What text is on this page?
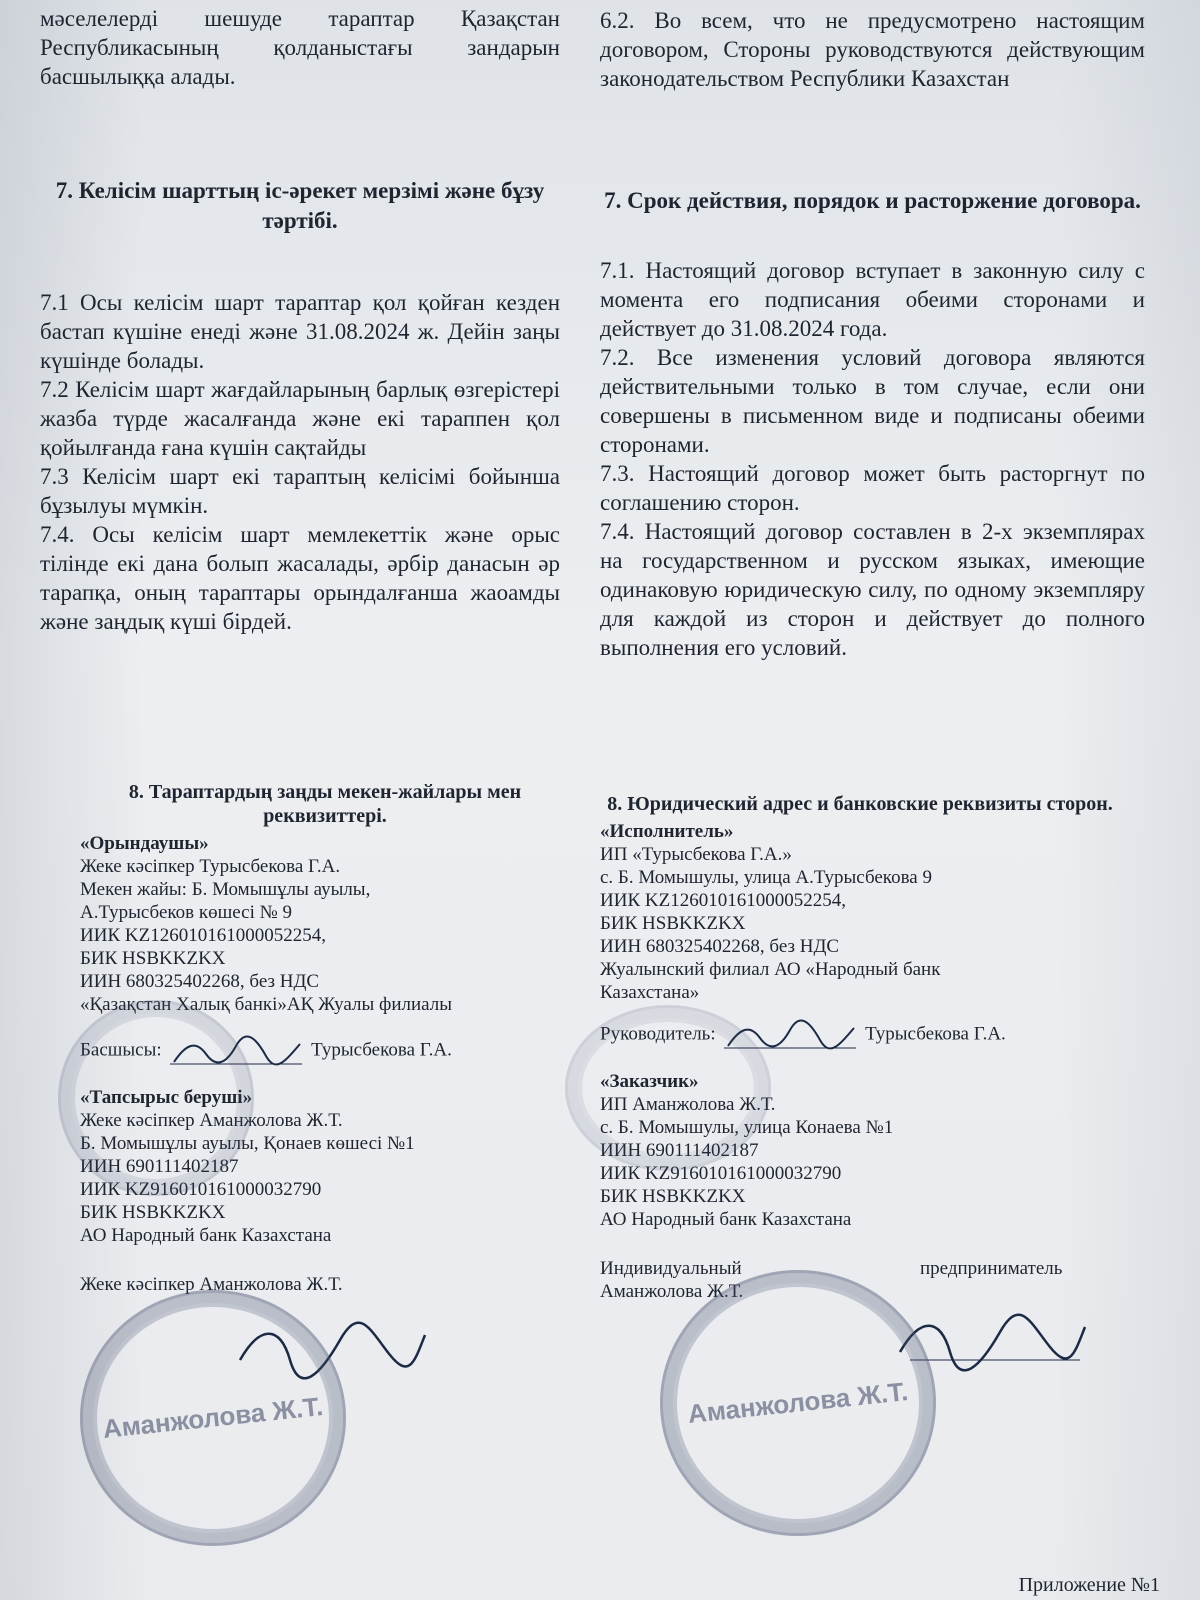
мәселелерді шешуде тараптар Қазақстан Республикасының қолданыстағы зандарын басшылыққа алады.

7. Келісім шарттың іс-әрекет мерзімі және бұзу тәртібі.

7.1 Осы келісім шарт тараптар қол қойған кезден бастап күшіне енеді және 31.08.2024 ж. Дейін заңы күшінде болады.

7.2 Келісім шарт жағдайларының барлық өзгерістері жазба түрде жасалғанда және екі тараппен қол қойылғанда ғана күшін сақтайды

7.3 Келісім шарт екі тараптың келісімі бойынша бұзылуы мүмкін.

7.4. Осы келісім шарт мемлекеттік және орыс тілінде екі дана болып жасалады, әрбір данасын әр тарапқа, оның тараптары орындалғанша жаоамды және заңдық күші бірдей.

8. Тараптардың заңды мекен-жайлары мен реквизиттері.

«Орындаушы»
Жеке кәсіпкер Турысбекова Г.А.
Мекен жайы: Б. Момышұлы ауылы,
А.Турысбеков көшесі № 9
ИИК KZ126010161000052254,
БИК HSBKKZKX
ИИН 680325402268, без НДС
«Қазақстан Халық банкі»АҚ Жуалы филиалы
Басшысы:	Турысбекова Г.А.
«Тапсырыс беруші»
Жеке кәсіпкер Аманжолова Ж.Т.
Б. Момышұлы ауылы, Қонаев көшесі №1
ИИН 690111402187
ИИК KZ916010161000032790
БИК HSBKKZKX
АО Народный банк Казахстана
Жеке кәсіпкер Аманжолова Ж.Т.

6.2. Во всем, что не предусмотрено настоящим договором, Стороны руководствуются действующим законодательством Республики Казахстан

7. Срок действия, порядок и расторжение договора.

7.1. Настоящий договор вступает в законную силу с момента его подписания обеими сторонами и действует до 31.08.2024 года.

7.2. Все изменения условий договора являются действительными только в том случае, если они совершены в письменном виде и подписаны обеими сторонами.

7.3. Настоящий договор может быть расторгнут по соглашению сторон.

7.4. Настоящий договор составлен в 2-х экземплярах на государственном и русском языках, имеющие одинаковую юридическую силу, по одному экземпляру для каждой из сторон и действует до полного выполнения его условий.

8. Юридический адрес и банковские реквизиты сторон.

«Исполнитель»
ИП «Турысбекова Г.А.»
с. Б. Момышулы, улица А.Турысбекова 9
ИИК KZ126010161000052254,
БИК HSBKKZKX
ИИН 680325402268, без НДС
Жуалынский филиал АО «Народный банк
Казахстана»
Руководитель:	Турысбекова Г.А.
«Заказчик»
ИП Аманжолова Ж.Т.
с. Б. Момышулы, улица Конаева №1
ИИН 690111402187
ИИК KZ916010161000032790
БИК HSBKKZKX
АО Народный банк Казахстана
Индивидуальный	предприниматель
Аманжолова Ж.Т.
Аманжолова Ж.Т.	Аманжолова Ж.Т.
Приложение №1
